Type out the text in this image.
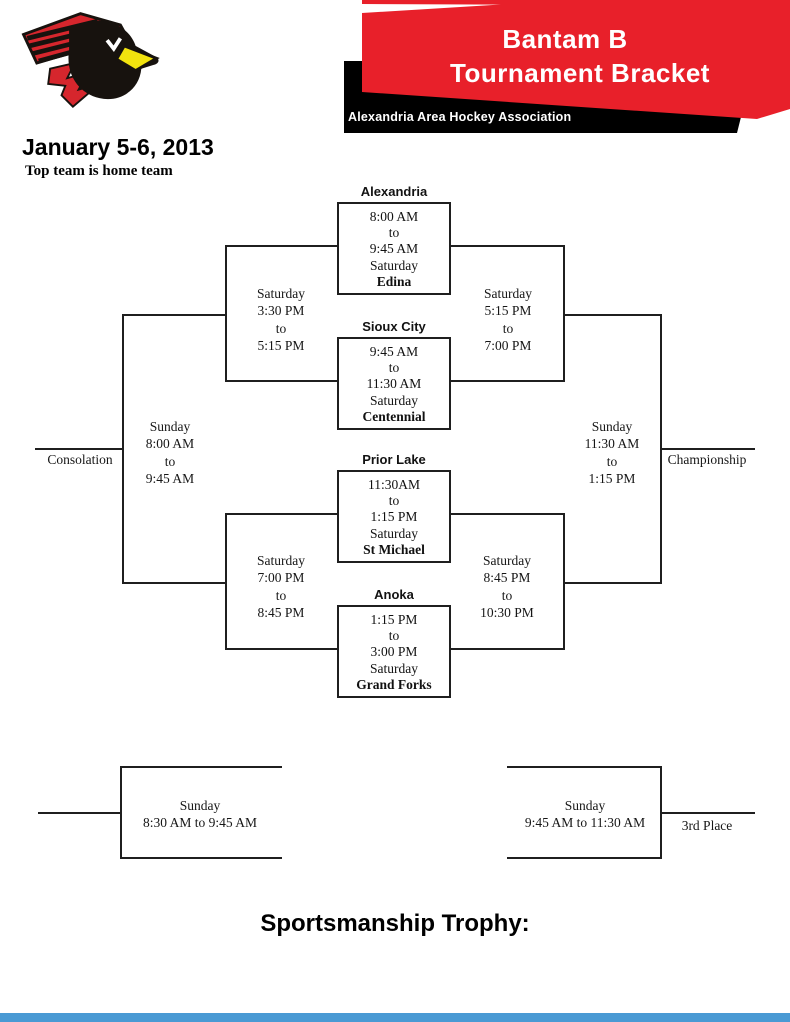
Bantam B
Tournament Bracket
Alexandria Area Hockey Association
January 5-6, 2013
Top team is home team
Alexandria
8:00 AM
to
9:45 AM
Saturday
Edina
Sioux City
9:45 AM
to
11:30 AM
Saturday
Centennial
Prior Lake
11:30AM
to
1:15 PM
Saturday
St Michael
Anoka
1:15 PM
to
3:00 PM
Saturday
Grand Forks
Saturday
3:30 PM
to
5:15 PM
Saturday
5:15 PM
to
7:00 PM
Saturday
7:00 PM
to
8:45 PM
Saturday
8:45 PM
to
10:30 PM
Sunday
8:00 AM
to
9:45 AM
Sunday
11:30 AM
to
1:15 PM
Consolation	Championship
3rd Place
Sunday
8:30 AM to 9:45 AM
Sunday
9:45 AM to 11:30 AM
Sportsmanship Trophy:
